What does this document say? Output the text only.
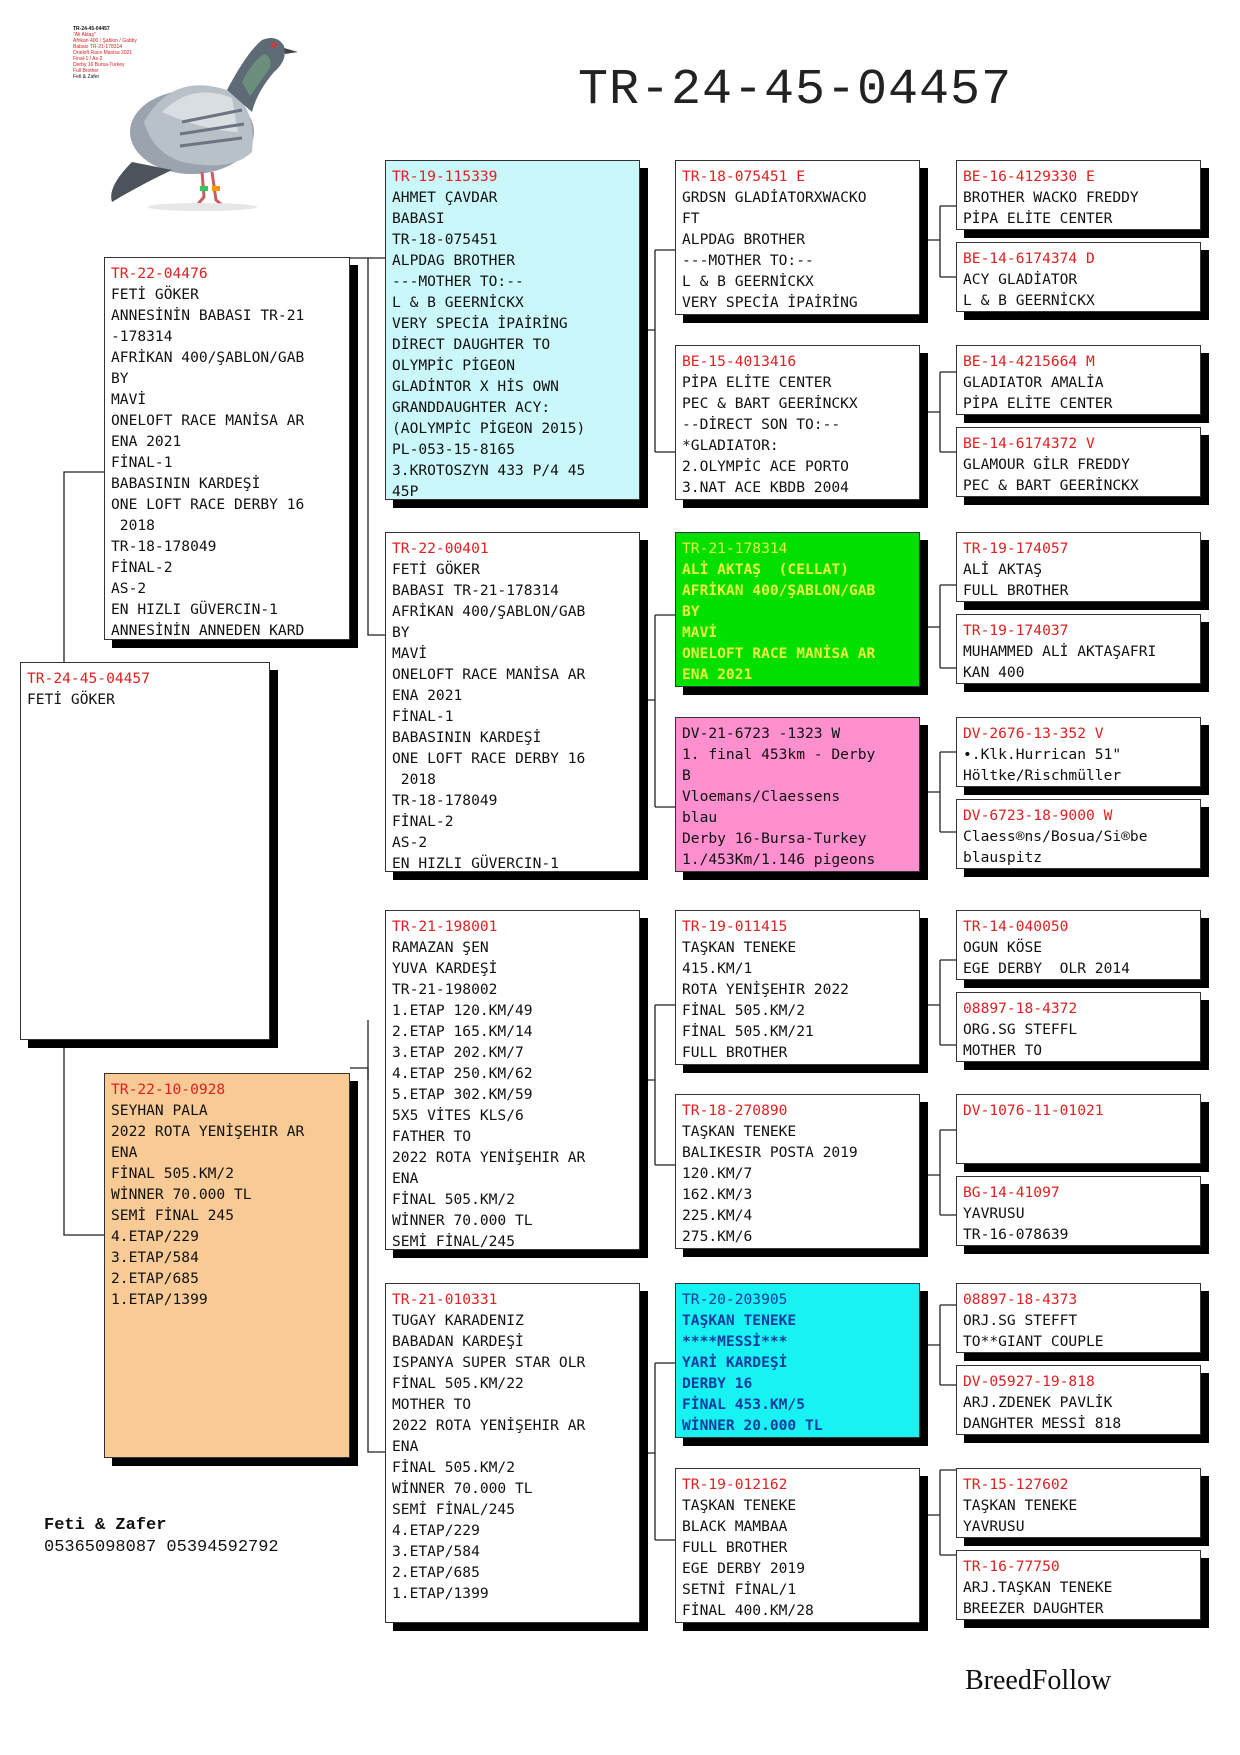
TR-24-45-04457
TR-24-45-04457
"Ali Aktaş"
Afrikan 400 / Şablon / Gabby
Babası TR-21-178314
Oneloft Race Manisa 2021
Final-1 / As-2
Derby 16 Bursa-Turkey
Full Brother
Feti & Zafer
TR-24-45-04457
FETİ GÖKER
TR-22-04476
FETİ GÖKER
ANNESİNİN BABASI TR-21
-178314
AFRİKAN 400/ŞABLON/GAB
BY
MAVİ
ONELOFT RACE MANİSA AR
ENA 2021
FİNAL-1
BABASININ KARDEŞİ
ONE LOFT RACE DERBY 16
2018
TR-18-178049
FİNAL-2
AS-2
EN HIZLI GÜVERCIN-1
ANNESİNİN ANNEDEN KARD
TR-22-10-0928
SEYHAN PALA
2022 ROTA YENİŞEHIR AR
ENA
FİNAL 505.KM/2
WİNNER 70.000 TL
SEMİ FİNAL 245
4.ETAP/229
3.ETAP/584
2.ETAP/685
1.ETAP/1399
TR-19-115339
AHMET ÇAVDAR
BABASI
TR-18-075451
ALPDAG BROTHER
---MOTHER TO:--
L & B GEERNİCKX
VERY SPECİA İPAİRİNG
DİRECT DAUGHTER TO
OLYMPİC PİGEON
GLADİNTOR X HİS OWN
GRANDDAUGHTER ACY:
(AOLYMPİC PİGEON 2015)
PL-053-15-8165
3.KROTOSZYN 433 P/4 45
45P
TR-22-00401
FETİ GÖKER
BABASI TR-21-178314
AFRİKAN 400/ŞABLON/GAB
BY
MAVİ
ONELOFT RACE MANİSA AR
ENA 2021
FİNAL-1
BABASININ KARDEŞİ
ONE LOFT RACE DERBY 16
2018
TR-18-178049
FİNAL-2
AS-2
EN HIZLI GÜVERCIN-1
TR-21-198001
RAMAZAN ŞEN
YUVA KARDEŞİ
TR-21-198002
1.ETAP 120.KM/49
2.ETAP 165.KM/14
3.ETAP 202.KM/7
4.ETAP 250.KM/62
5.ETAP 302.KM/59
5X5 VİTES KLS/6
FATHER TO
2022 ROTA YENİŞEHIR AR
ENA
FİNAL 505.KM/2
WİNNER 70.000 TL
SEMİ FİNAL/245
TR-21-010331
TUGAY KARADENIZ
BABADAN KARDEŞİ
ISPANYA SUPER STAR OLR
FİNAL 505.KM/22
MOTHER TO
2022 ROTA YENİŞEHIR AR
ENA
FİNAL 505.KM/2
WİNNER 70.000 TL
SEMİ FİNAL/245
4.ETAP/229
3.ETAP/584
2.ETAP/685
1.ETAP/1399
TR-18-075451 E
GRDSN GLADİATORXWACKO
FT
ALPDAG BROTHER
---MOTHER TO:--
L & B GEERNİCKX
VERY SPECİA İPAİRİNG
BE-15-4013416
PİPA ELİTE CENTER
PEC & BART GEERİNCKX
--DİRECT SON TO:--
*GLADIATOR:
2.OLYMPİC ACE PORTO
3.NAT ACE KBDB 2004
TR-21-178314
ALİ AKTAŞ  (CELLAT)
AFRİKAN 400/ŞABLON/GAB
BY
MAVİ
ONELOFT RACE MANİSA AR
ENA 2021
DV-21-6723 -1323 W
1. final 453km - Derby
B
Vloemans/Claessens
blau
Derby 16-Bursa-Turkey
1./453Km/1.146 pigeons
TR-19-011415
TAŞKAN TENEKE
415.KM/1
ROTA YENİŞEHIR 2022
FİNAL 505.KM/2
FİNAL 505.KM/21
FULL BROTHER
TR-18-270890
TAŞKAN TENEKE
BALIKESIR POSTA 2019
120.KM/7
162.KM/3
225.KM/4
275.KM/6
TR-20-203905
TAŞKAN TENEKE
****MESSİ***
YARİ KARDEŞİ
DERBY 16
FİNAL 453.KM/5
WİNNER 20.000 TL
TR-19-012162
TAŞKAN TENEKE
BLACK MAMBAA
FULL BROTHER
EGE DERBY 2019
SETNİ FİNAL/1
FİNAL 400.KM/28
BE-16-4129330 E
BROTHER WACKO FREDDY
PİPA ELİTE CENTER
BE-14-6174374 D
ACY GLADİATOR
L & B GEERNİCKX
BE-14-4215664 M
GLADIATOR AMALİA
PİPA ELİTE CENTER
BE-14-6174372 V
GLAMOUR GİLR FREDDY
PEC & BART GEERİNCKX
TR-19-174057
ALİ AKTAŞ
FULL BROTHER
TR-19-174037
MUHAMMED ALİ AKTAŞAFRI
KAN 400
DV-2676-13-352 V
•.Klk.Hurrican 51"
Höltke/Rischmüller
DV-6723-18-9000 W
Claess®ns/Bosua/Si®be
blauspitz
TR-14-040050
OGUN KÖSE
EGE DERBY  OLR 2014
08897-18-4372
ORG.SG STEFFL
MOTHER TO
DV-1076-11-01021
BG-14-41097
YAVRUSU
TR-16-078639
08897-18-4373
ORJ.SG STEFFT
TO**GIANT COUPLE
DV-05927-19-818
ARJ.ZDENEK PAVLİK
DANGHTER MESSİ 818
TR-15-127602
TAŞKAN TENEKE
YAVRUSU
TR-16-77750
ARJ.TAŞKAN TENEKE
BREEZER DAUGHTER
Feti & Zafer
05365098087 05394592792
BreedFollow
